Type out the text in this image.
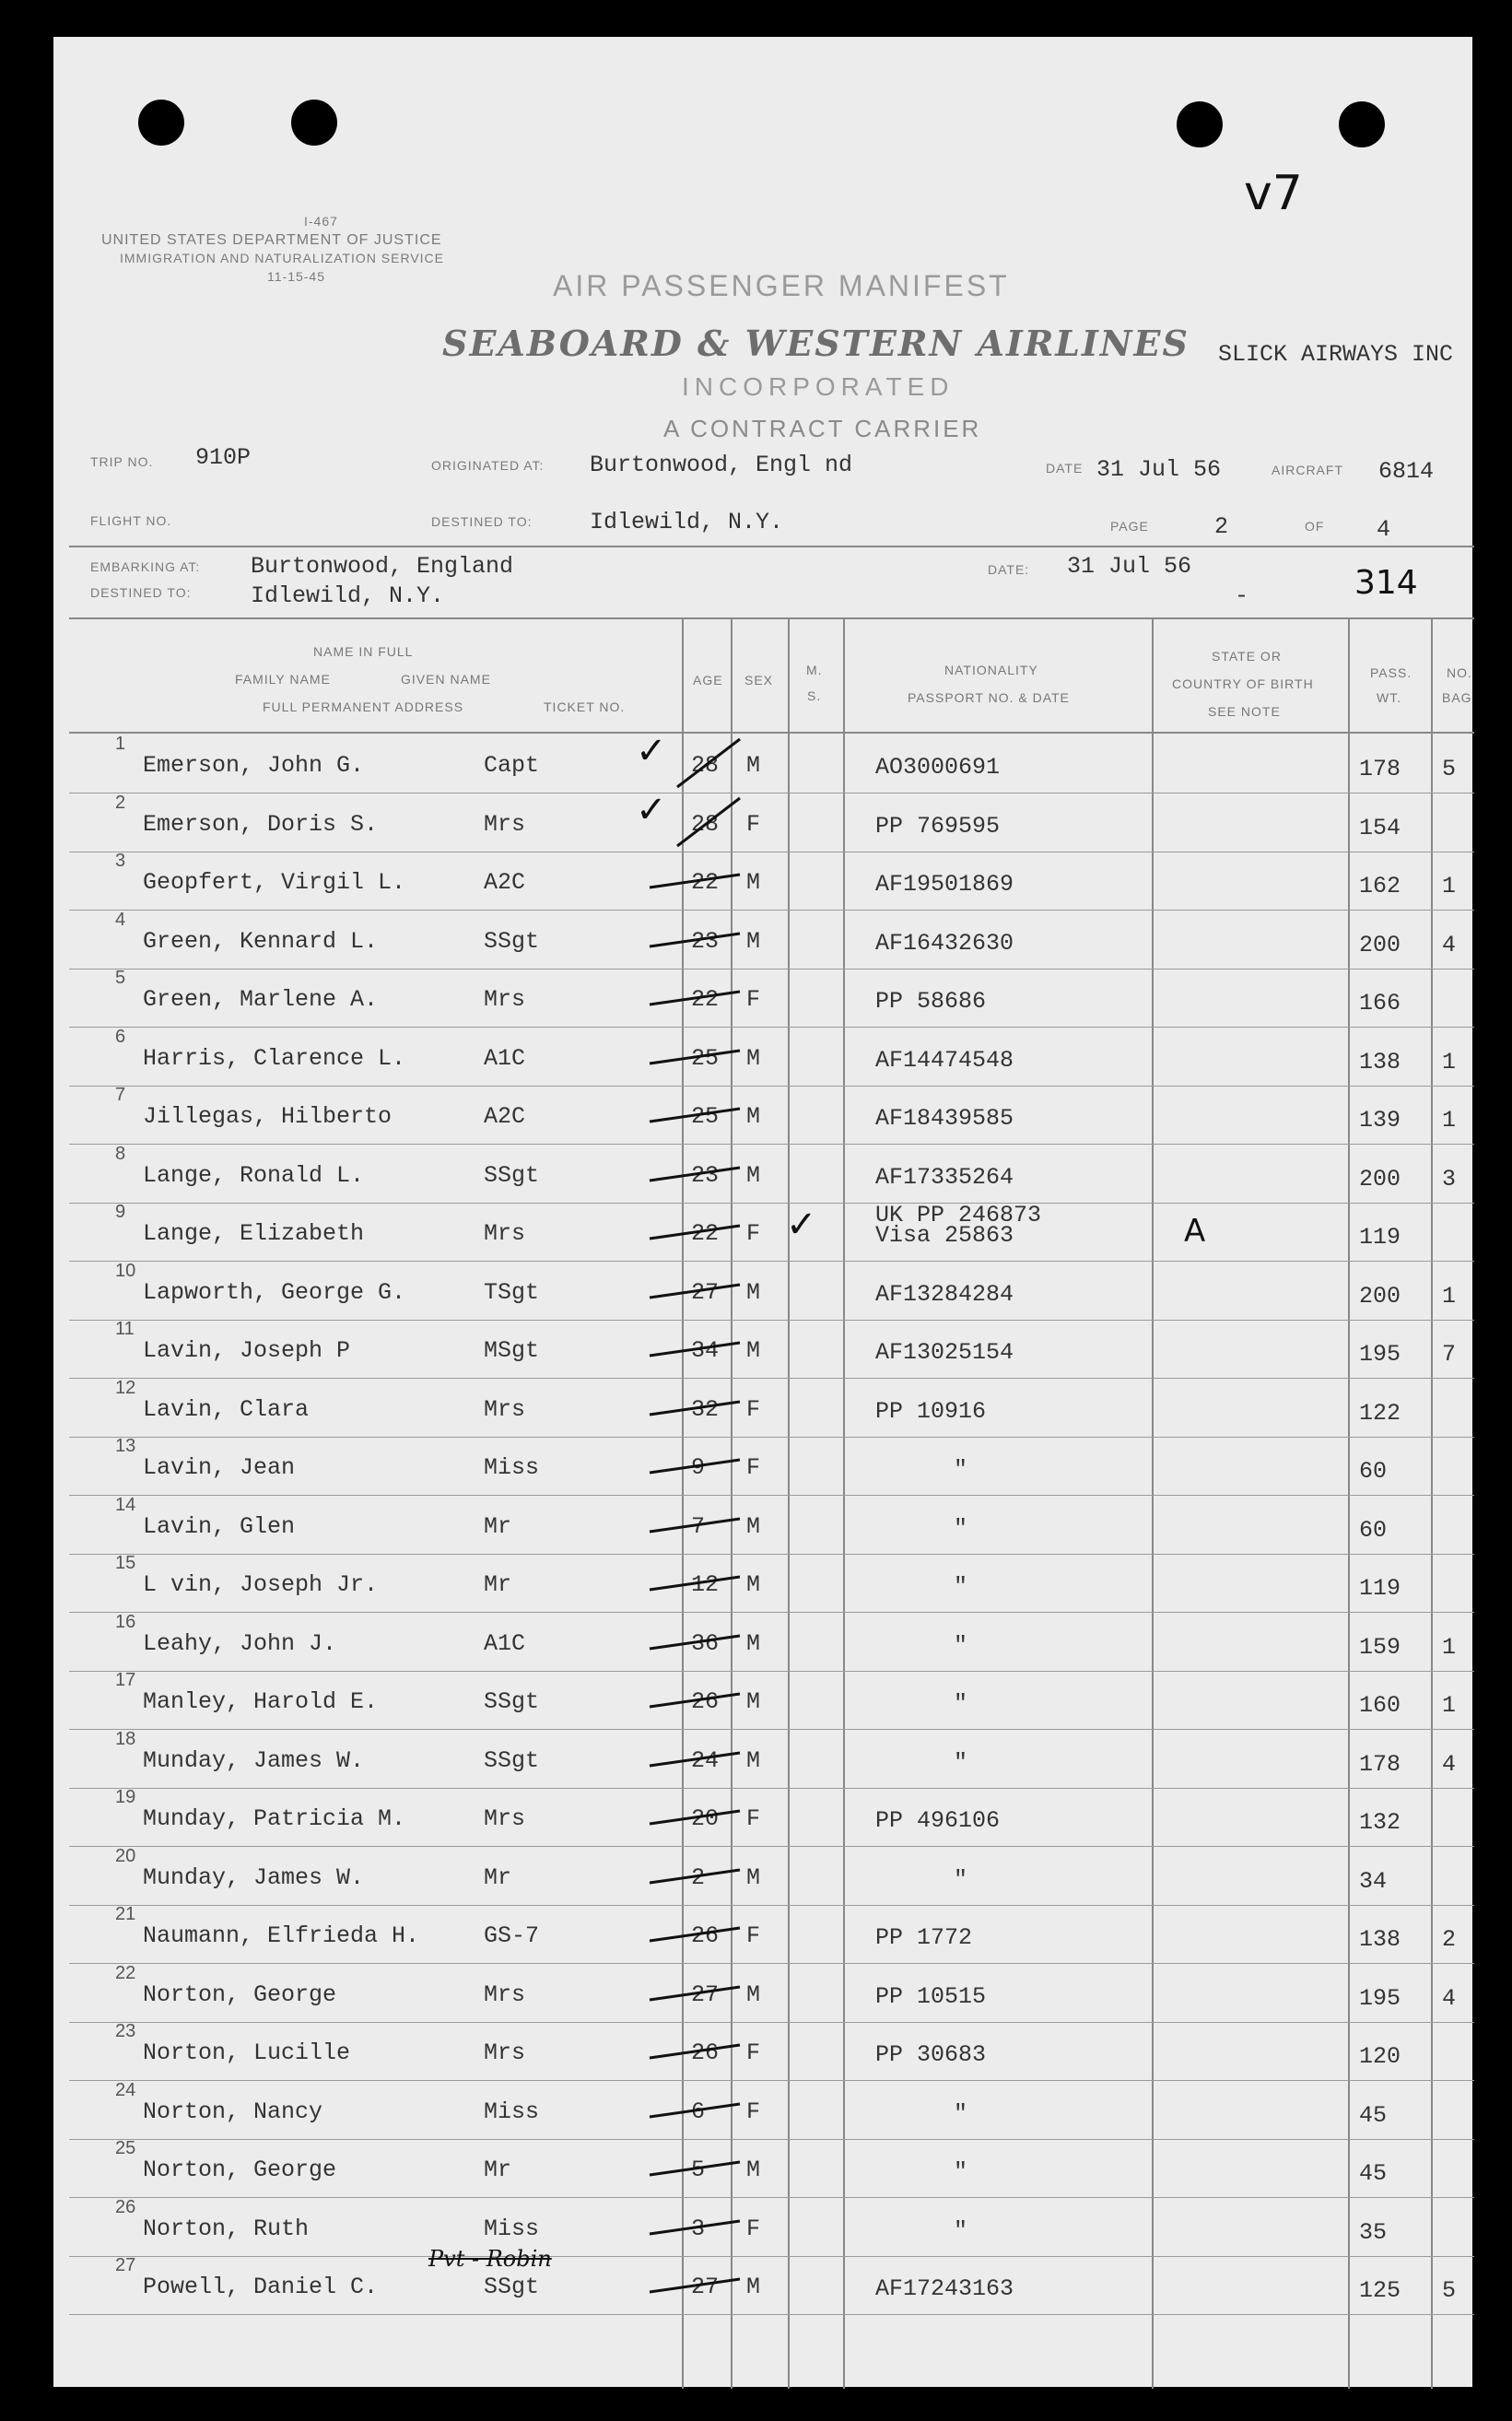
v7
I-467
UNITED STATES DEPARTMENT OF JUSTICE
IMMIGRATION AND NATURALIZATION SERVICE
11-15-45	AIR PASSENGER MANIFEST
SEABOARD & WESTERN AIRLINES SLICK AIRWAYS INC
INCORPORATED
A CONTRACT CARRIER
TRIP NO. 910P	ORIGINATED AT: Burtonwood, Engl nd	DATE 31 Jul 56	AIRCRAFT 6814
FLIGHT NO.	DESTINED TO: Idlewild, N.Y.	PAGE	2	OF 4
EMBARKING AT: Burtonwood, England
DESTINED TO:	Idlewild, N.Y.
DATE: 31 Jul 56
-	314
NAME IN FULL
FAMILY NAME	GIVEN NAME
FULL PERMANENT ADDRESS	TICKET NO.
AGE SEX
M.
S.
NATIONALITY
PASSPORT NO. & DATE
STATE OR
COUNTRY OF BIRTH
SEE NOTE
PASS.
WT.
NO.
BAG
1
Emerson, John G.	Capt	28 M	AO3000691	178 5
✓
2
Emerson, Doris S.	Mrs	28 F	PP 769595	154
✓
3
Geopfert, Virgil L.	A2C	22 M	AF19501869	162 1
4
Green, Kennard L.	SSgt	23 M	AF16432630	200 4
5
Green, Marlene A.	Mrs	22 F	PP 58686	166
6
Harris, Clarence L.	A1C	25 M	AF14474548	138 1
7
Jillegas, Hilberto	A2C	25 M	AF18439585	139 1
8
Lange, Ronald L.	SSgt	23 M	AF17335264	200 3
9
Lange, Elizabeth	Mrs	22 F
UK PP 246873
Visa 25863	119
✓	A
10
Lapworth, George G.	TSgt	27 M	AF13284284	200 1
11
Lavin, Joseph P	MSgt	34 M	AF13025154	195 7
12
Lavin, Clara	Mrs	32 F	PP 10916	122
13
Lavin, Jean	Miss	9 F	"	60
14
Lavin, Glen	Mr	7 M	"	60
15
L vin, Joseph Jr.	Mr	12 M	"	119
16
Leahy, John J.	A1C	36 M	"	159 1
17
Manley, Harold E.	SSgt	26 M	"	160 1
18
Munday, James W.	SSgt	24 M	"	178 4
19
Munday, Patricia M.	Mrs	20 F	PP 496106	132
20
Munday, James W.	Mr	2 M	"	34
21
Naumann, Elfrieda H.	GS-7	26 F	PP 1772	138 2
22
Norton, George	Mrs	27 M	PP 10515	195 4
23
Norton, Lucille	Mrs	26 F	PP 30683	120
24
Norton, Nancy	Miss	6 F	"	45
25
Norton, George	Mr	5 M	"	45
26
Norton, Ruth	Miss	3 F	"	35
27
Powell, Daniel C.	SSgt	27 M	AF17243163	125 5
Pvt - Robin
